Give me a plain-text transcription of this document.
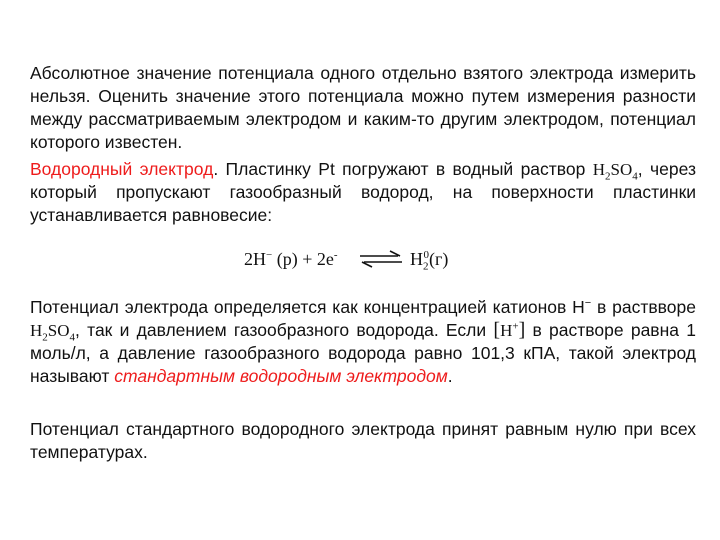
Абсолютное значение потенциала одного отдельно взятого электрода измерить нельзя. Оценить значение этого потенциала можно путем измерения разности между рассматриваемым электродом и каким-то другим электродом, потенциал которого известен.
Водородный электрод. Пластинку Pt погружают в водный раствор $H_2SO_4$, через который пропускают газообразный водород, на поверхности пластинки устанавливается равновесие:
2H− (р) + 2e- ⇌ $H_2^0(г)$
Потенциал электрода определяется как концентрацией катионов H− в раствворе $H_2SO_4$, так и давлением газообразного водорода. Если [H+] в растворе равна 1 моль/л, а давление газообразного водорода равно 101,3 кПА, такой электрод называют стандартным водородным электродом.
Потенциал стандартного водородного электрода принят равным нулю при всех температурах.
